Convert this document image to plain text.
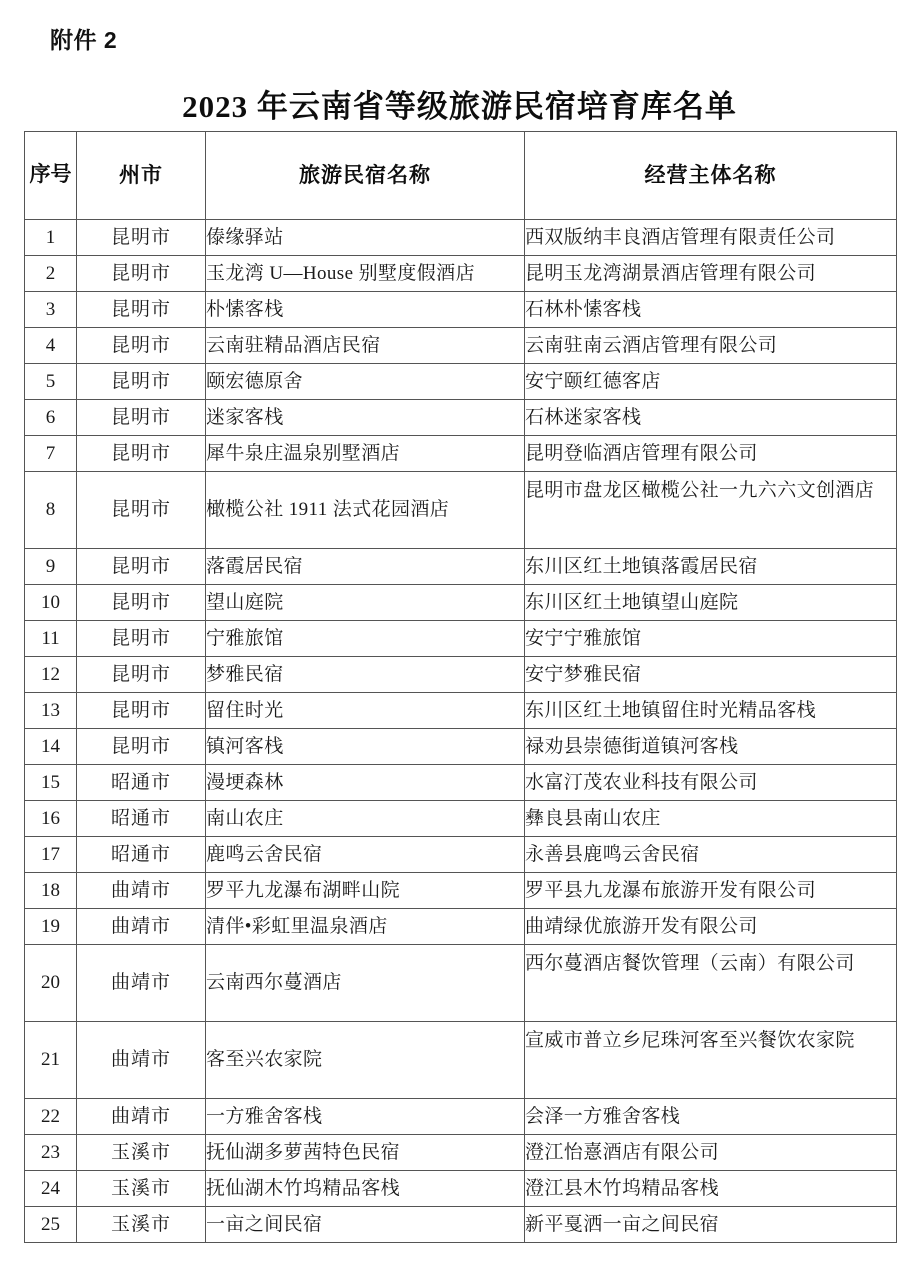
附件 2
2023 年云南省等级旅游民宿培育库名单
序号	州市	旅游民宿名称	经营主体名称
1	昆明市	傣缘驿站	西双版纳丰良酒店管理有限责任公司
2	昆明市	玉龙湾 U—House 别墅度假酒店	昆明玉龙湾湖景酒店管理有限公司
3	昆明市	朴愫客栈	石林朴愫客栈
4	昆明市	云南驻精品酒店民宿	云南驻南云酒店管理有限公司
5	昆明市	颐宏德原舍	安宁颐红德客店
6	昆明市	迷家客栈	石林迷家客栈
7	昆明市	犀牛泉庄温泉别墅酒店	昆明登临酒店管理有限公司
8	昆明市	橄榄公社 1911 法式花园酒店	昆明市盘龙区橄榄公社一九六六文创酒店
9	昆明市	落霞居民宿	东川区红土地镇落霞居民宿
10	昆明市	望山庭院	东川区红土地镇望山庭院
11	昆明市	宁雅旅馆	安宁宁雅旅馆
12	昆明市	梦雅民宿	安宁梦雅民宿
13	昆明市	留住时光	东川区红土地镇留住时光精品客栈
14	昆明市	镇河客栈	禄劝县崇德街道镇河客栈
15	昭通市	漫埂森林	水富汀茂农业科技有限公司
16	昭通市	南山农庄	彝良县南山农庄
17	昭通市	鹿鸣云舍民宿	永善县鹿鸣云舍民宿
18	曲靖市	罗平九龙瀑布湖畔山院	罗平县九龙瀑布旅游开发有限公司
19	曲靖市	清伴•彩虹里温泉酒店	曲靖绿优旅游开发有限公司
20	曲靖市	云南西尔蔓酒店	西尔蔓酒店餐饮管理（云南）有限公司
21	曲靖市	客至兴农家院	宣威市普立乡尼珠河客至兴餐饮农家院
22	曲靖市	一方雅舍客栈	会泽一方雅舍客栈
23	玉溪市	抚仙湖多萝茜特色民宿	澄江怡憙酒店有限公司
24	玉溪市	抚仙湖木竹坞精品客栈	澄江县木竹坞精品客栈
25	玉溪市	一亩之间民宿	新平戛洒一亩之间民宿
